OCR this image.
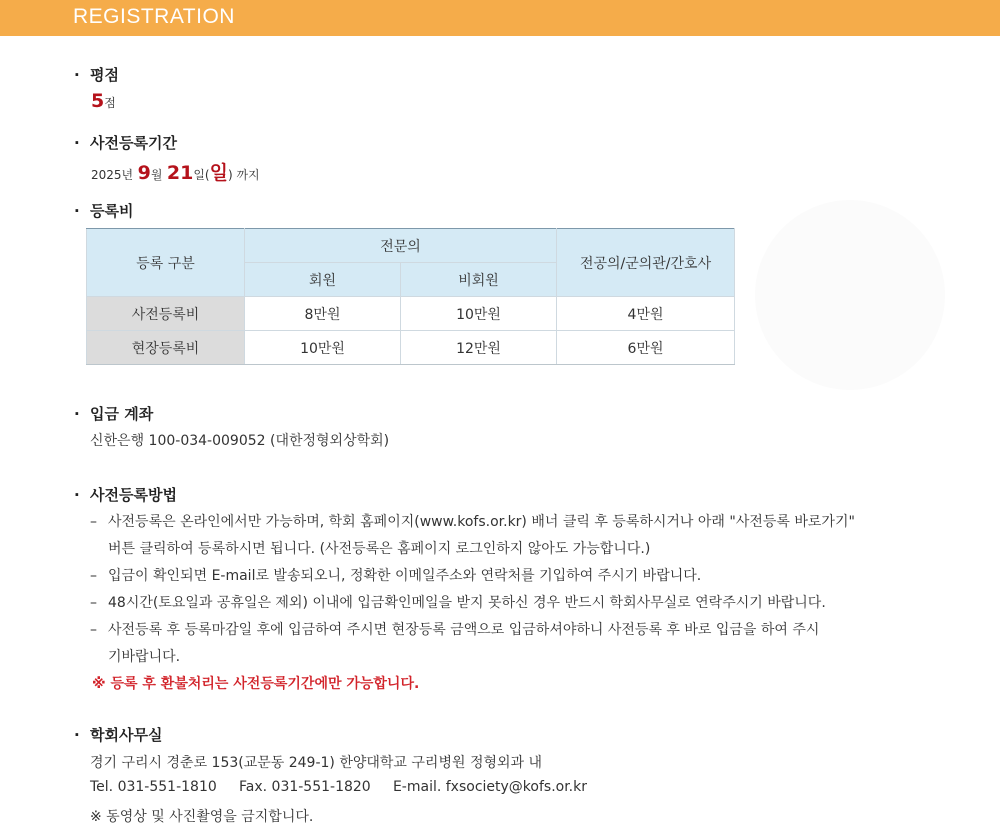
REGISTRATION
· 평점
5점
· 사전등록기간
2025년 9월 21일(일) 까지
· 등록비
등록 구분	전문의		전공의/군의관/간호사
	회원	비회원	
사전등록비	8만원	10만원	4만원
현장등록비	10만원	12만원	6만원
· 입금 계좌
신한은행 100-034-009052 (대한정형외상학회)
· 사전등록방법
– 사전등록은 온라인에서만 가능하며, 학회 홈페이지(www.kofs.or.kr) 배너 클릭 후 등록하시거나 아래 "사전등록 바로가기"
버튼 클릭하여 등록하시면 됩니다. (사전등록은 홈페이지 로그인하지 않아도 가능합니다.)
– 입금이 확인되면 E-mail로 발송되오니, 정확한 이메일주소와 연락처를 기입하여 주시기 바랍니다.
– 48시간(토요일과 공휴일은 제외) 이내에 입금확인메일을 받지 못하신 경우 반드시 학회사무실로 연락주시기 바랍니다.
– 사전등록 후 등록마감일 후에 입금하여 주시면 현장등록 금액으로 입금하셔야하니 사전등록 후 바로 입금을 하여 주시
기바랍니다.
※ 등록 후 환불처리는 사전등록기간에만 가능합니다.
· 학회사무실
경기 구리시 경춘로 153(교문동 249-1) 한양대학교 구리병원 정형외과 내
Tel. 031-551-1810     Fax. 031-551-1820     E-mail. fxsociety@kofs.or.kr
※ 동영상 및 사진촬영을 금지합니다.
